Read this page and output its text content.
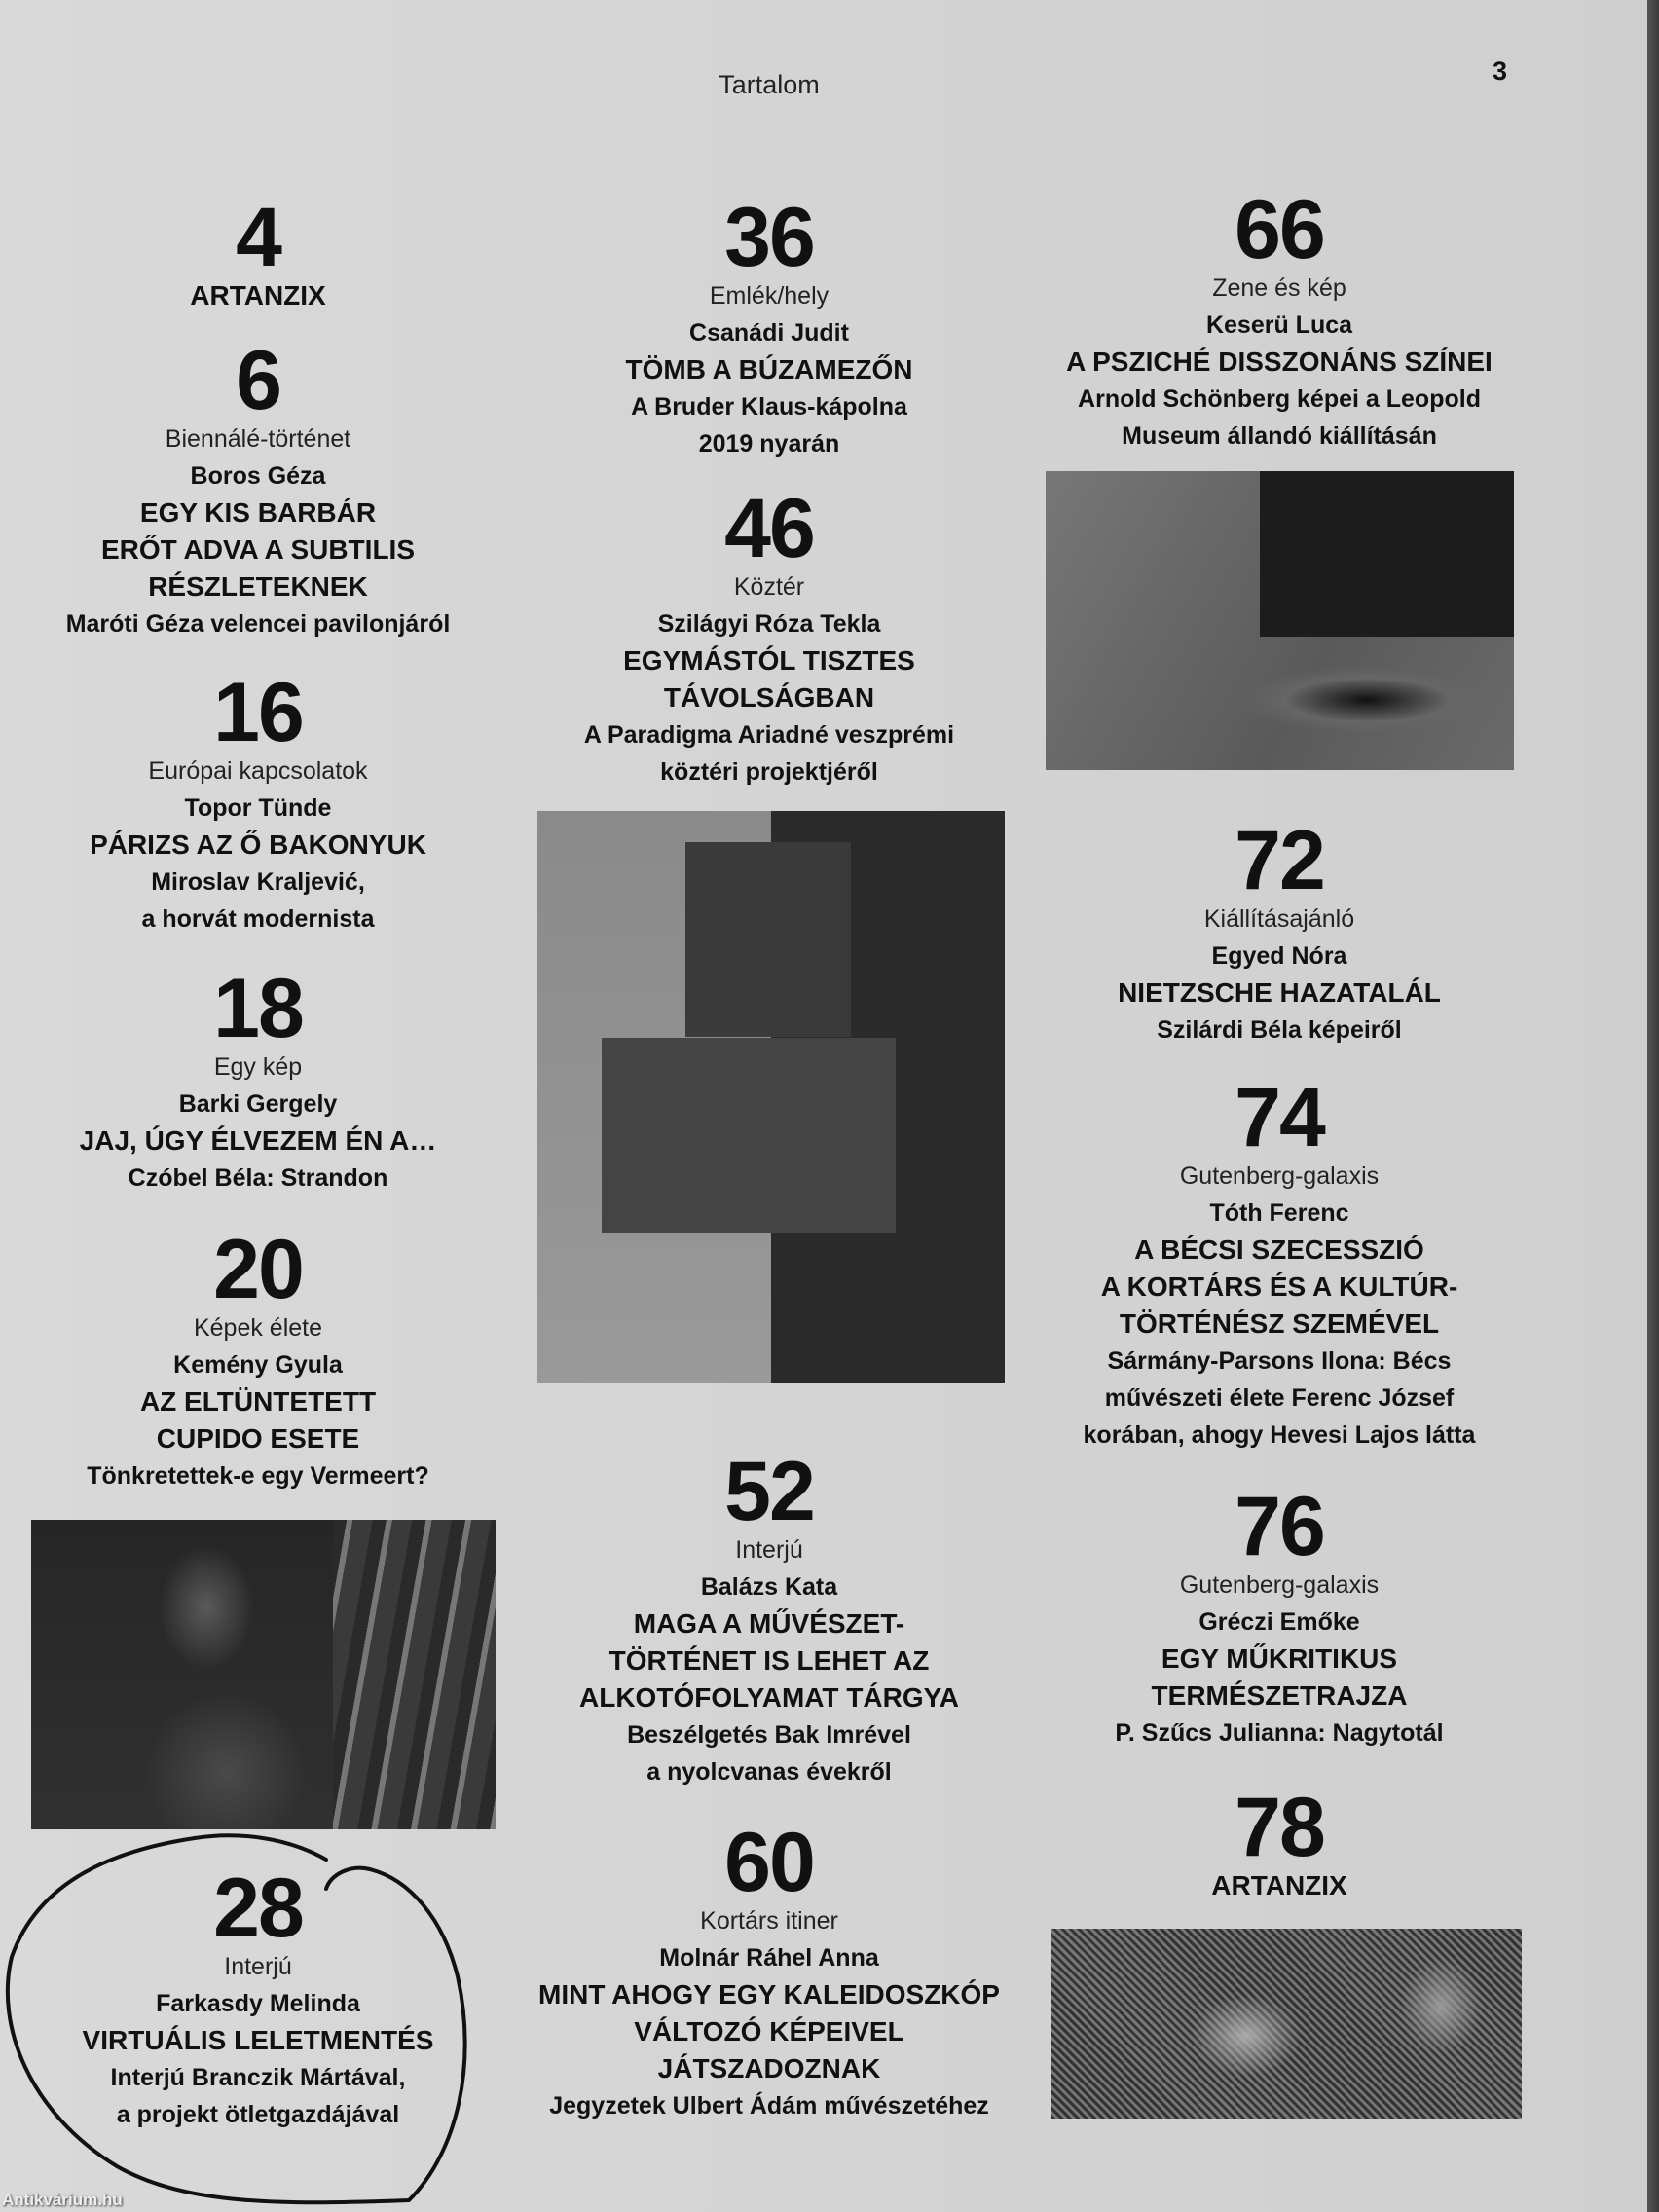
Tartalom	3
4
ARTANZIX
6
Biennálé-történet
Boros Géza
EGY KIS BARBÁR
ERŐT ADVA A SUBTILIS
RÉSZLETEKNEK
Maróti Géza velencei pavilonjáról
16
Európai kapcsolatok
Topor Tünde
PÁRIZS AZ Ő BAKONYUK
Miroslav Kraljević,
a horvát modernista
18
Egy kép
Barki Gergely
JAJ, ÚGY ÉLVEZEM ÉN A…
Czóbel Béla: Strandon
20
Képek élete
Kemény Gyula
AZ ELTÜNTETETT
CUPIDO ESETE
Tönkretettek-e egy Vermeert?
28
Interjú
Farkasdy Melinda
VIRTUÁLIS LELETMENTÉS
Interjú Branczik Mártával,
a projekt ötletgazdájával
36
Emlék/hely
Csanádi Judit
TÖMB A BÚZAMEZŐN
A Bruder Klaus-kápolna
2019 nyarán
46
Köztér
Szilágyi Róza Tekla
EGYMÁSTÓL TISZTES
TÁVOLSÁGBAN
A Paradigma Ariadné veszprémi
köztéri projektjéről
52
Interjú
Balázs Kata
MAGA A MŰVÉSZET-
TÖRTÉNET IS LEHET AZ
ALKOTÓFOLYAMAT TÁRGYA
Beszélgetés Bak Imrével
a nyolcvanas évekről
60
Kortárs itiner
Molnár Ráhel Anna
MINT AHOGY EGY KALEIDOSZKÓP
VÁLTOZÓ KÉPEIVEL
JÁTSZADOZNAK
Jegyzetek Ulbert Ádám művészetéhez
66
Zene és kép
Keserü Luca
A PSZICHÉ DISSZONÁNS SZÍNEI
Arnold Schönberg képei a Leopold
Museum állandó kiállításán
72
Kiállításajánló
Egyed Nóra
NIETZSCHE HAZATALÁL
Szilárdi Béla képeiről
74
Gutenberg-galaxis
Tóth Ferenc
A BÉCSI SZECESSZIÓ
A KORTÁRS ÉS A KULTÚR-
TÖRTÉNÉSZ SZEMÉVEL
Sármány-Parsons Ilona: Bécs
művészeti élete Ferenc József
korában, ahogy Hevesi Lajos látta
76
Gutenberg-galaxis
Gréczi Emőke
EGY MŰKRITIKUS
TERMÉSZETRAJZA
P. Szűcs Julianna: Nagytotál
78
ARTANZIX
Antikvárium.hu
